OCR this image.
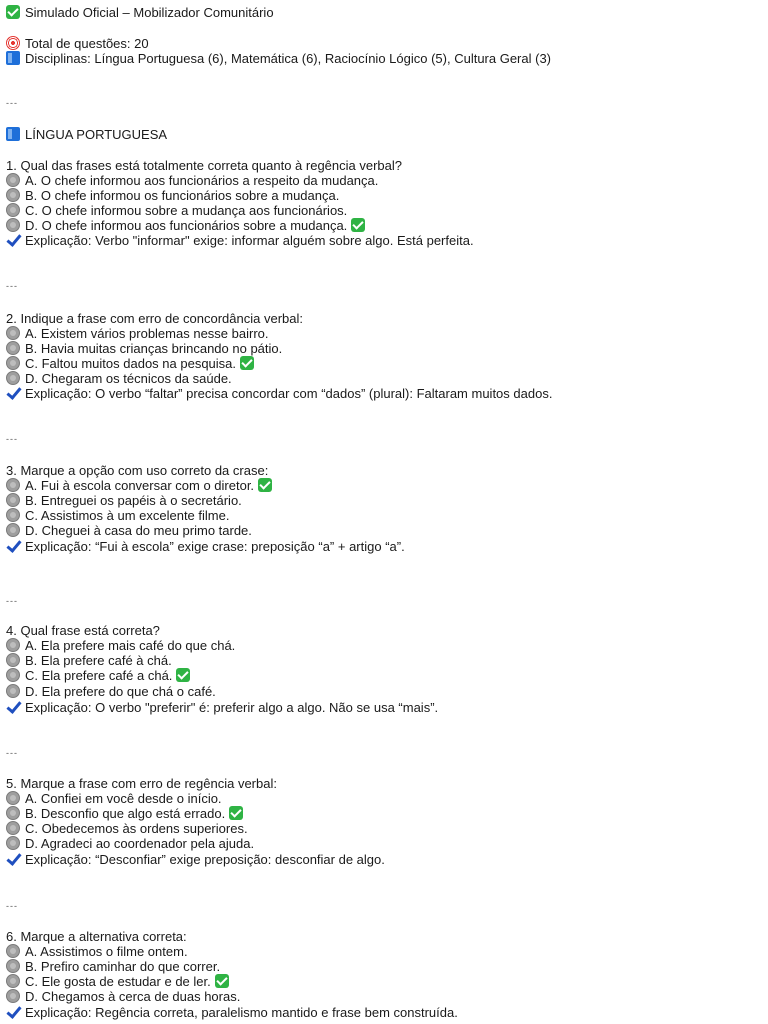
Simulado Oficial – Mobilizador Comunitário
Total de questões: 20
Disciplinas: Língua Portuguesa (6), Matemática (6), Raciocínio Lógico (5), Cultura Geral (3)
---
LÍNGUA PORTUGUESA
1. Qual das frases está totalmente correta quanto à regência verbal?
A. O chefe informou aos funcionários a respeito da mudança.
B. O chefe informou os funcionários sobre a mudança.
C. O chefe informou sobre a mudança aos funcionários.
D. O chefe informou aos funcionários sobre a mudança.
Explicação: Verbo "informar" exige: informar alguém sobre algo. Está perfeita.
---
2. Indique a frase com erro de concordância verbal:
A. Existem vários problemas nesse bairro.
B. Havia muitas crianças brincando no pátio.
C. Faltou muitos dados na pesquisa.
D. Chegaram os técnicos da saúde.
Explicação: O verbo “faltar” precisa concordar com “dados” (plural): Faltaram muitos dados.
---
3. Marque a opção com uso correto da crase:
A. Fui à escola conversar com o diretor.
B. Entreguei os papéis à o secretário.
C. Assistimos à um excelente filme.
D. Cheguei à casa do meu primo tarde.
Explicação: “Fui à escola” exige crase: preposição “a” + artigo “a”.
---
4. Qual frase está correta?
A. Ela prefere mais café do que chá.
B. Ela prefere café à chá.
C. Ela prefere café a chá.
D. Ela prefere do que chá o café.
Explicação: O verbo "preferir" é: preferir algo a algo. Não se usa “mais”.
---
5. Marque a frase com erro de regência verbal:
A. Confiei em você desde o início.
B. Desconfio que algo está errado.
C. Obedecemos às ordens superiores.
D. Agradeci ao coordenador pela ajuda.
Explicação: “Desconfiar” exige preposição: desconfiar de algo.
---
6. Marque a alternativa correta:
A. Assistimos o filme ontem.
B. Prefiro caminhar do que correr.
C. Ele gosta de estudar e de ler.
D. Chegamos à cerca de duas horas.
Explicação: Regência correta, paralelismo mantido e frase bem construída.
